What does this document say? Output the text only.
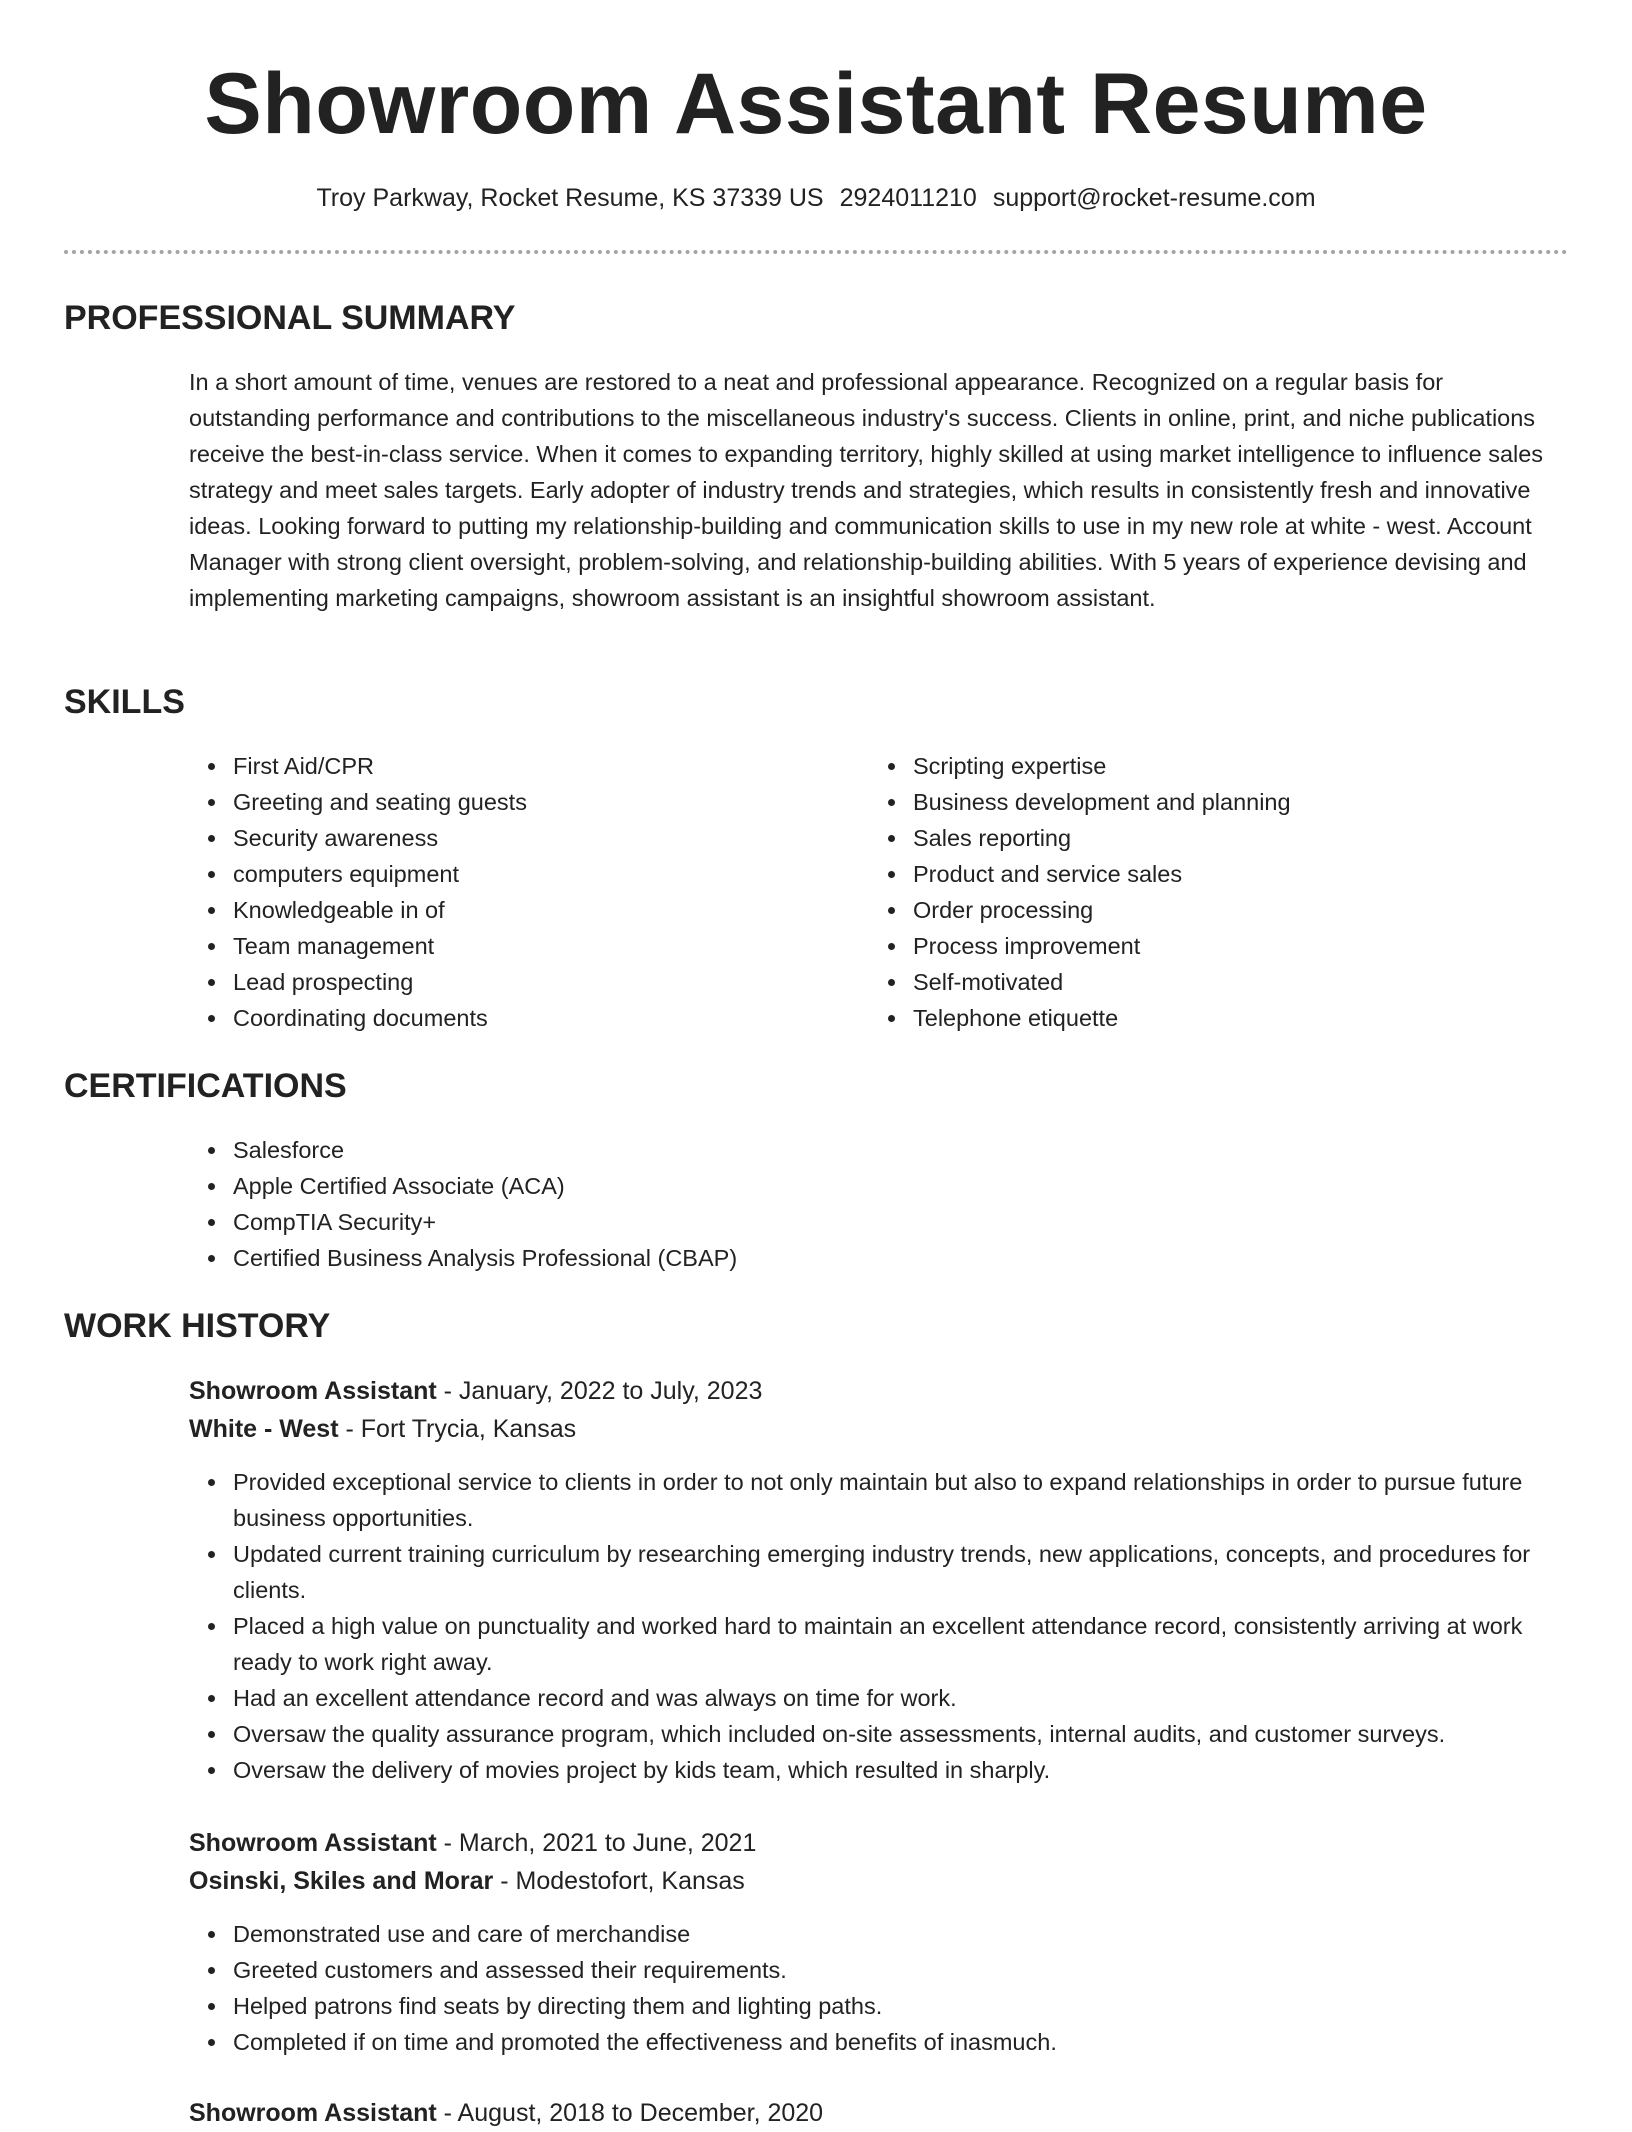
Showroom Assistant Resume
Troy Parkway, Rocket Resume, KS 37339 US 2924011210 support@rocket-resume.com
PROFESSIONAL SUMMARY

In a short amount of time, venues are restored to a neat and professional appearance. Recognized on a regular basis for outstanding performance and contributions to the miscellaneous industry's success. Clients in online, print, and niche publications receive the best-in-class service. When it comes to expanding territory, highly skilled at using market intelligence to influence sales strategy and meet sales targets. Early adopter of industry trends and strategies, which results in consistently fresh and innovative ideas. Looking forward to putting my relationship-building and communication skills to use in my new role at white - west. Account Manager with strong client oversight, problem-solving, and relationship-building abilities. With 5 years of experience devising and implementing marketing campaigns, showroom assistant is an insightful showroom assistant.

SKILLS
First Aid/CPR
Greeting and seating guests
Security awareness
computers equipment
Knowledgeable in of
Team management
Lead prospecting
Coordinating documents
Scripting expertise
Business development and planning
Sales reporting
Product and service sales
Order processing
Process improvement
Self-motivated
Telephone etiquette
CERTIFICATIONS
Salesforce
Apple Certified Associate (ACA)
CompTIA Security+
Certified Business Analysis Professional (CBAP)
WORK HISTORY
Showroom Assistant - January, 2022 to July, 2023
White - West - Fort Trycia, Kansas
Provided exceptional service to clients in order to not only maintain but also to expand relationships in order to pursue future business opportunities.
Updated current training curriculum by researching emerging industry trends, new applications, concepts, and procedures for clients.
Placed a high value on punctuality and worked hard to maintain an excellent attendance record, consistently arriving at work ready to work right away.
Had an excellent attendance record and was always on time for work.
Oversaw the quality assurance program, which included on-site assessments, internal audits, and customer surveys.
Oversaw the delivery of movies project by kids team, which resulted in sharply.
Showroom Assistant - March, 2021 to June, 2021
Osinski, Skiles and Morar - Modestofort, Kansas
Demonstrated use and care of merchandise
Greeted customers and assessed their requirements.
Helped patrons find seats by directing them and lighting paths.
Completed if on time and promoted the effectiveness and benefits of inasmuch.
Showroom Assistant - August, 2018 to December, 2020
